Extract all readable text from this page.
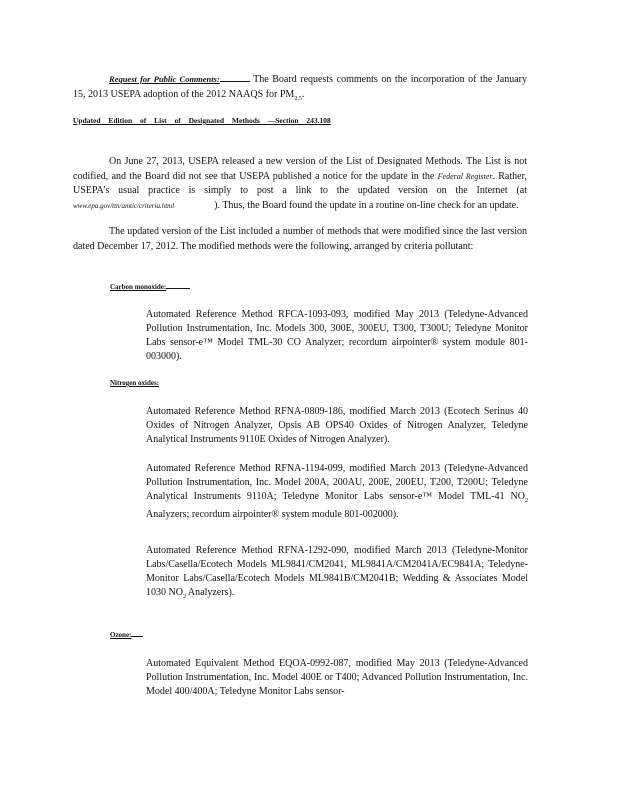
Request for Public Comments:	The Board requests comments on the incorporation of the January 15, 2013 USEPA adoption of the 2012 NAAQS for $PM_{2.5}$.

Updated Edition of List of Designated Methods —Section 243.108

On June 27, 2013, USEPA released a new version of the List of Designated Methods. The List is not codified, and the Board did not see that USEPA published a notice for the update in the Federal Register. Rather, USEPA’s usual practice is simply to post a link to the updated version on the Internet (at www.epa.gov/ttn/amtic/criteria.html	). Thus, the Board found the update in a routine on-line check for an update.

The updated version of the List included a number of methods that were modified since the last version dated December 17, 2012. The modified methods were the following, arranged by criteria pollutant:

Carbon monoxide:

Automated Reference Method RFCA-1093-093, modified May 2013 (Teledyne-Advanced Pollution Instrumentation, Inc. Models 300, 300E, 300EU, T300, T300U; Teledyne Monitor Labs sensor-e™ Model TML-30 CO Analyzer; recordum airpointer® system module 801-003000).

Nitrogen oxides:

Automated Reference Method RFNA-0809-186, modified March 2013 (Ecotech Serinus 40 Oxides of Nitrogen Analyzer, Opsis AB OPS40 Oxides of Nitrogen Analyzer, Teledyne Analytical Instruments 9110E Oxides of Nitrogen Analyzer).

Automated Reference Method RFNA-1194-099, modified March 2013 (Teledyne-Advanced Pollution Instrumentation, Inc. Model 200A, 200AU, 200E, 200EU, T200, T200U; Teledyne Analytical Instruments 9110A; Teledyne Monitor Labs sensor-e™ Model TML-41 $NO_2$ Analyzers; recordum airpointer® system module 801-002000).

Automated Reference Method RFNA-1292-090, modified March 2013 (Teledyne-Monitor Labs/Casella/Ecotech Models ML9841/CM2041, ML9841A/CM2041A/EC9841A; Teledyne-Monitor Labs/Casella/Ecotech Models ML9841B/CM2041B; Wedding & Associates Model 1030 $NO_2$ Analyzers).

Ozone:

Automated Equivalent Method EQOA-0992-087, modified May 2013 (Teledyne-Advanced Pollution Instrumentation, Inc. Model 400E or T400; Advanced Pollution Instrumentation, Inc. Model 400/400A; Teledyne Monitor Labs sensor-
